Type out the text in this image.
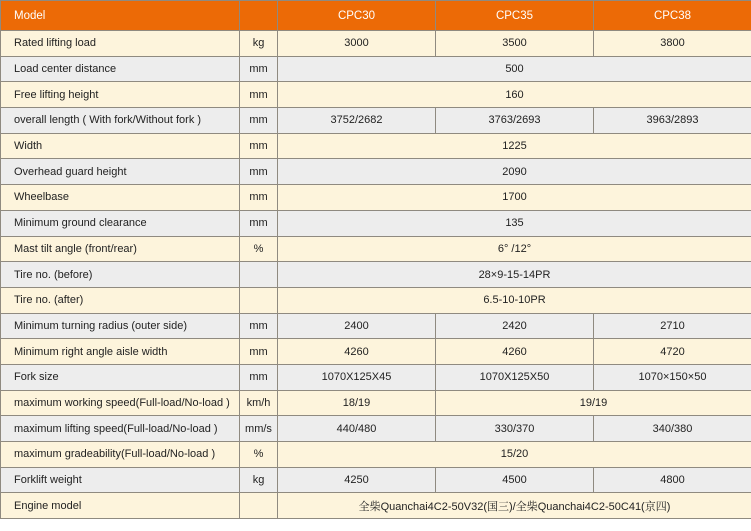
Model		CPC30	CPC35	CPC38
Rated lifting load	kg	3000	3500	3800
Load center distance	mm	500		
Free lifting height	mm	160		
overall length ( With fork/Without fork )	mm	3752/2682	3763/2693	3963/2893
Width	mm	1225		
Overhead guard height	mm	2090		
Wheelbase	mm	1700		
Minimum ground clearance	mm	135		
Mast tilt angle (front/rear)	%	6° /12°		
Tire no. (before)		28×9-15-14PR		
Tire no. (after)		6.5-10-10PR		
Minimum turning radius (outer side)	mm	2400	2420	2710
Minimum right angle aisle width	mm	4260	4260	4720
Fork size	mm	1070X125X45	1070X125X50	1070×150×50
maximum working speed(Full-load/No-load )	km/h	18/19	19/19	
maximum lifting speed(Full-load/No-load )	mm/s	440/480	330/370	340/380
maximum gradeability(Full-load/No-load )	%	15/20		
Forklift weight	kg	4250	4500	4800
Engine model		全柴Quanchai4C2-50V32(国三)/全柴Quanchai4C2-50C41(京四)		
